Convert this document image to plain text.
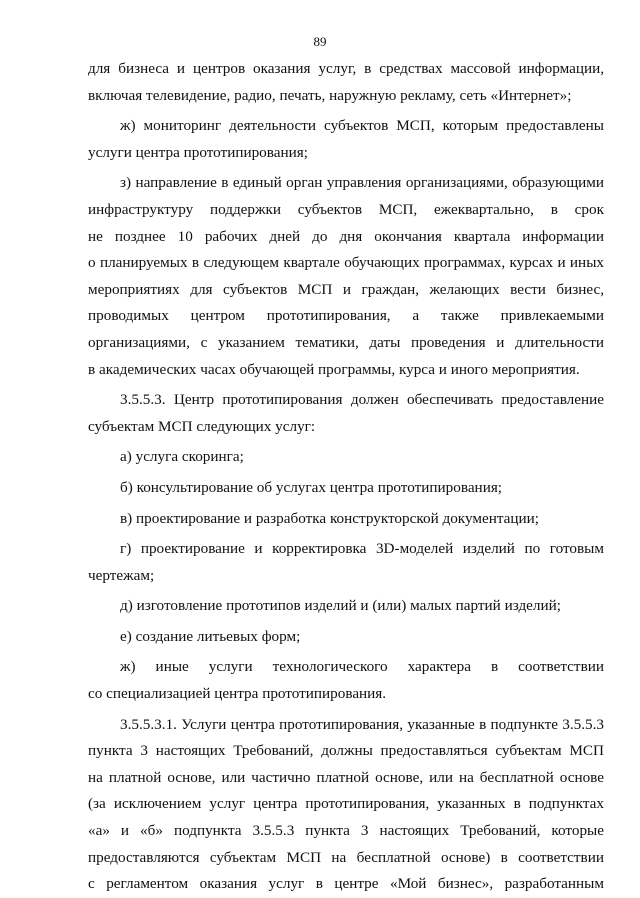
89
для бизнеса и центров оказания услуг, в средствах массовой информации,
включая телевидение, радио, печать, наружную рекламу, сеть «Интернет»;
ж) мониторинг деятельности субъектов МСП, которым предоставлены
услуги центра прототипирования;
з) направление в единый орган управления организациями, образующими
инфраструктуру поддержки субъектов МСП, ежеквартально, в срок
не позднее 10 рабочих дней до дня окончания квартала информации
о планируемых в следующем квартале обучающих программах, курсах и иных
мероприятиях для субъектов МСП и граждан, желающих вести бизнес,
проводимых центром прототипирования, а также привлекаемыми
организациями, с указанием тематики, даты проведения и длительности
в академических часах обучающей программы, курса и иного мероприятия.
3.5.5.3. Центр прототипирования должен обеспечивать предоставление
субъектам МСП следующих услуг:
а) услуга скоринга;
б) консультирование об услугах центра прототипирования;
в) проектирование и разработка конструкторской документации;
г) проектирование и корректировка 3D-моделей изделий по готовым
чертежам;
д) изготовление прототипов изделий и (или) малых партий изделий;
е) создание литьевых форм;
ж) иные услуги технологического характера в соответствии
со специализацией центра прототипирования.
3.5.5.3.1. Услуги центра прототипирования, указанные в подпункте 3.5.5.3
пункта 3 настоящих Требований, должны предоставляться субъектам МСП
на платной основе, или частично платной основе, или на бесплатной основе
(за исключением услуг центра прототипирования, указанных в подпунктах
«а» и «б» подпункта 3.5.5.3 пункта 3 настоящих Требований, которые
предоставляются субъектам МСП на бесплатной основе) в соответствии
с регламентом оказания услуг в центре «Мой бизнес», разработанным
